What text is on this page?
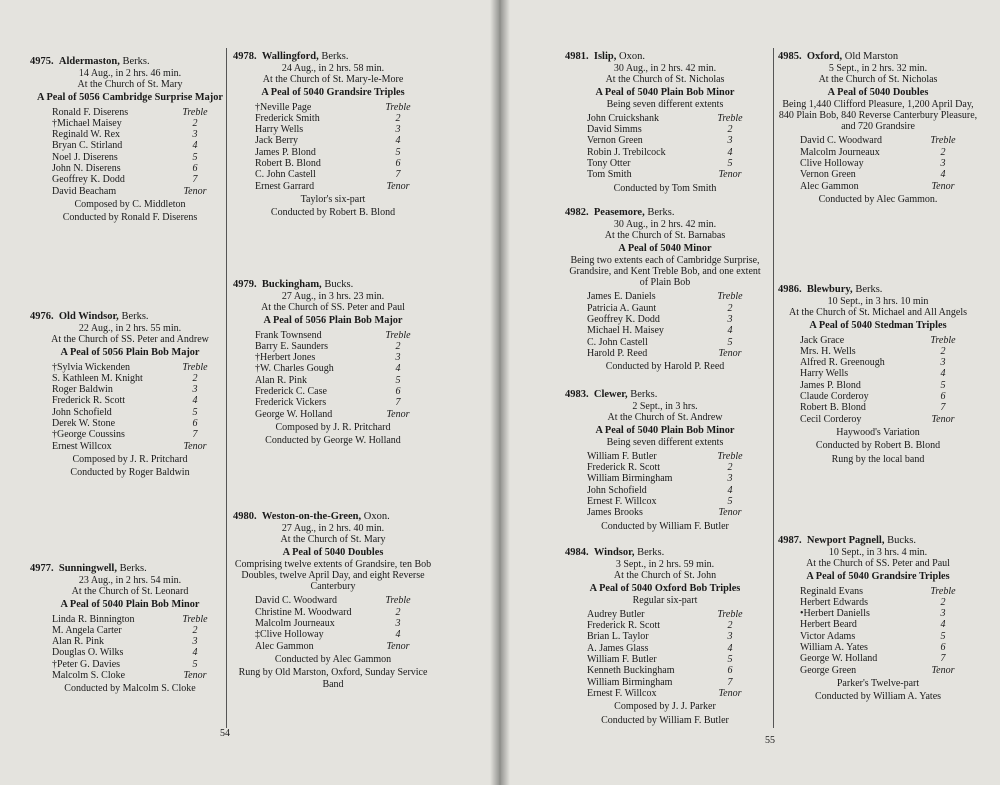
4975. Aldermaston, Berks.
14 Aug., in 2 hrs. 46 min.
At the Church of St. Mary
A Peal of 5056 Cambridge Surprise Major
Ronald F. Diserens	Treble
†Michael Maisey	2
Reginald W. Rex	3
Bryan C. Stirland	4
Noel J. Diserens	5
John N. Diserens	6
Geoffrey K. Dodd	7
David Beacham	Tenor
Composed by C. Middleton
Conducted by Ronald F. Diserens
4976. Old Windsor, Berks.
22 Aug., in 2 hrs. 55 min.
At the Church of SS. Peter and Andrew
A Peal of 5056 Plain Bob Major
†Sylvia Wickenden	Treble
S. Kathleen M. Knight	2
Roger Baldwin	3
Frederick R. Scott	4
John Schofield	5
Derek W. Stone	6
†George Coussins	7
Ernest Willcox	Tenor
Composed by J. R. Pritchard
Conducted by Roger Baldwin
4977. Sunningwell, Berks.
23 Aug., in 2 hrs. 54 min.
At the Church of St. Leonard
A Peal of 5040 Plain Bob Minor
Linda R. Binnington	Treble
M. Angela Carter	2
Alan R. Pink	3
Douglas O. Wilks	4
†Peter G. Davies	5
Malcolm S. Cloke	Tenor
Conducted by Malcolm S. Cloke
4978. Wallingford, Berks.
24 Aug., in 2 hrs. 58 min.
At the Church of St. Mary-le-More
A Peal of 5040 Grandsire Triples
†Neville Page	Treble
Frederick Smith	2
Harry Wells	3
Jack Berry	4
James P. Blond	5
Robert B. Blond	6
C. John Castell	7
Ernest Garrard	Tenor
Taylor's six-part
Conducted by Robert B. Blond
4979. Buckingham, Bucks.
27 Aug., in 3 hrs. 23 min.
At the Church of SS. Peter and Paul
A Peal of 5056 Plain Bob Major
Frank Townsend	Treble
Barry E. Saunders	2
†Herbert Jones	3
†W. Charles Gough	4
Alan R. Pink	5
Frederick C. Case	6
Frederick Vickers	7
George W. Holland	Tenor
Composed by J. R. Pritchard
Conducted by George W. Holland
4980. Weston-on-the-Green, Oxon.
27 Aug., in 2 hrs. 40 min.
At the Church of St. Mary
A Peal of 5040 Doubles
Comprising twelve extents of Grandsire, ten Bob Doubles, twelve April Day, and eight Reverse Canterbury
David C. Woodward	Treble
Christine M. Woodward	2
Malcolm Journeaux	3
‡Clive Holloway	4
Alec Gammon	Tenor
Conducted by Alec Gammon
Rung by Old Marston, Oxford, Sunday Service Band
4981. Islip, Oxon.
30 Aug., in 2 hrs. 42 min.
At the Church of St. Nicholas
A Peal of 5040 Plain Bob Minor
Being seven different extents
John Cruickshank	Treble
David Simms	2
Vernon Green	3
Robin J. Trebilcock	4
Tony Otter	5
Tom Smith	Tenor
Conducted by Tom Smith
4982. Peasemore, Berks.
30 Aug., in 2 hrs. 42 min.
At the Church of St. Barnabas
A Peal of 5040 Minor
Being two extents each of Cambridge Surprise, Grandsire, and Kent Treble Bob, and one extent of Plain Bob
James E. Daniels	Treble
Patricia A. Gaunt	2
Geoffrey K. Dodd	3
Michael H. Maisey	4
C. John Castell	5
Harold P. Reed	Tenor
Conducted by Harold P. Reed
4983. Clewer, Berks.
2 Sept., in 3 hrs.
At the Church of St. Andrew
A Peal of 5040 Plain Bob Minor
Being seven different extents
William F. Butler	Treble
Frederick R. Scott	2
William Birmingham	3
John Schofield	4
Ernest F. Willcox	5
James Brooks	Tenor
Conducted by William F. Butler
4984. Windsor, Berks.
3 Sept., in 2 hrs. 59 min.
At the Church of St. John
A Peal of 5040 Oxford Bob Triples
Regular six-part
Audrey Butler	Treble
Frederick R. Scott	2
Brian L. Taylor	3
A. James Glass	4
William F. Butler	5
Kenneth Buckingham	6
William Birmingham	7
Ernest F. Willcox	Tenor
Composed by J. J. Parker
Conducted by William F. Butler
4985. Oxford, Old Marston
5 Sept., in 2 hrs. 32 min.
At the Church of St. Nicholas
A Peal of 5040 Doubles
Being 1,440 Clifford Pleasure, 1,200 April Day, 840 Plain Bob, 840 Reverse Canterbury Pleasure, and 720 Grandsire
David C. Woodward	Treble
Malcolm Journeaux	2
Clive Holloway	3
Vernon Green	4
Alec Gammon	Tenor
Conducted by Alec Gammon.
4986. Blewbury, Berks.
10 Sept., in 3 hrs. 10 min
At the Church of St. Michael and All Angels
A Peal of 5040 Stedman Triples
Jack Grace	Treble
Mrs. H. Wells	2
Alfred R. Greenough	3
Harry Wells	4
James P. Blond	5
Claude Corderoy	6
Robert B. Blond	7
Cecil Corderoy	Tenor
Haywood's Variation
Conducted by Robert B. Blond
Rung by the local band
4987. Newport Pagnell, Bucks.
10 Sept., in 3 hrs. 4 min.
At the Church of SS. Peter and Paul
A Peal of 5040 Grandsire Triples
Reginald Evans	Treble
Herbert Edwards	2
•Herbert Daniells	3
Herbert Beard	4
Victor Adams	5
William A. Yates	6
George W. Holland	7
George Green	Tenor
Parker's Twelve-part
Conducted by William A. Yates
54
55
